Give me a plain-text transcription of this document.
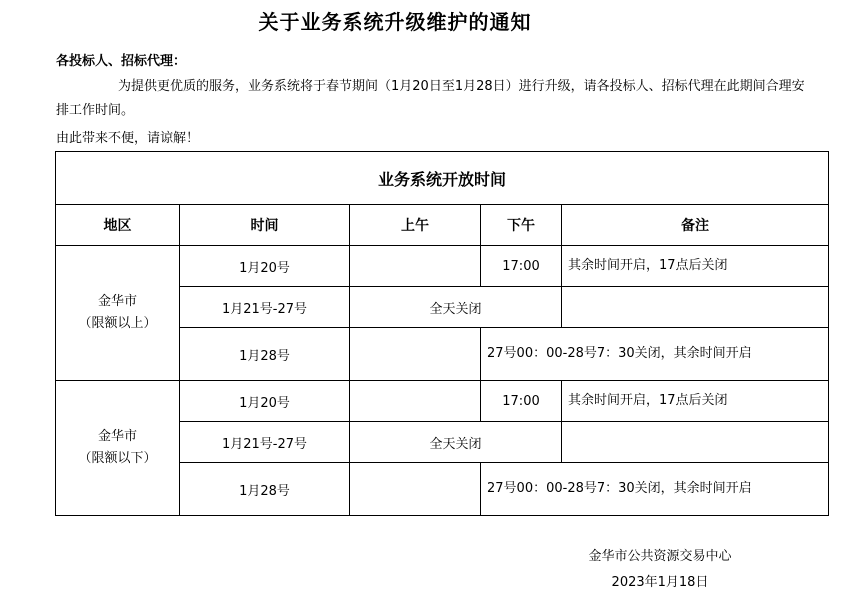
关于业务系统升级维护的通知
各投标人、招标代理：
为提供更优质的服务，业务系统将于春节期间（1月20日至1月28日）进行升级，请各投标人、招标代理在此期间合理安排工作时间。
由此带来不便，请谅解！
业务系统开放时间				
地区	时间	上午	下午	备注

金华市
（限额以上）	1月20号		17:00	其余时间开启，17点后关闭
	1月21号-27号	全天关闭		
	1月28号		27号00：00-28号7：30关闭，其余时间开启	

金华市
（限额以下）	1月20号		17:00	其余时间开启，17点后关闭
	1月21号-27号	全天关闭		
	1月28号		27号00：00-28号7：30关闭，其余时间开启	
金华市公共资源交易中心
2023年1月18日
